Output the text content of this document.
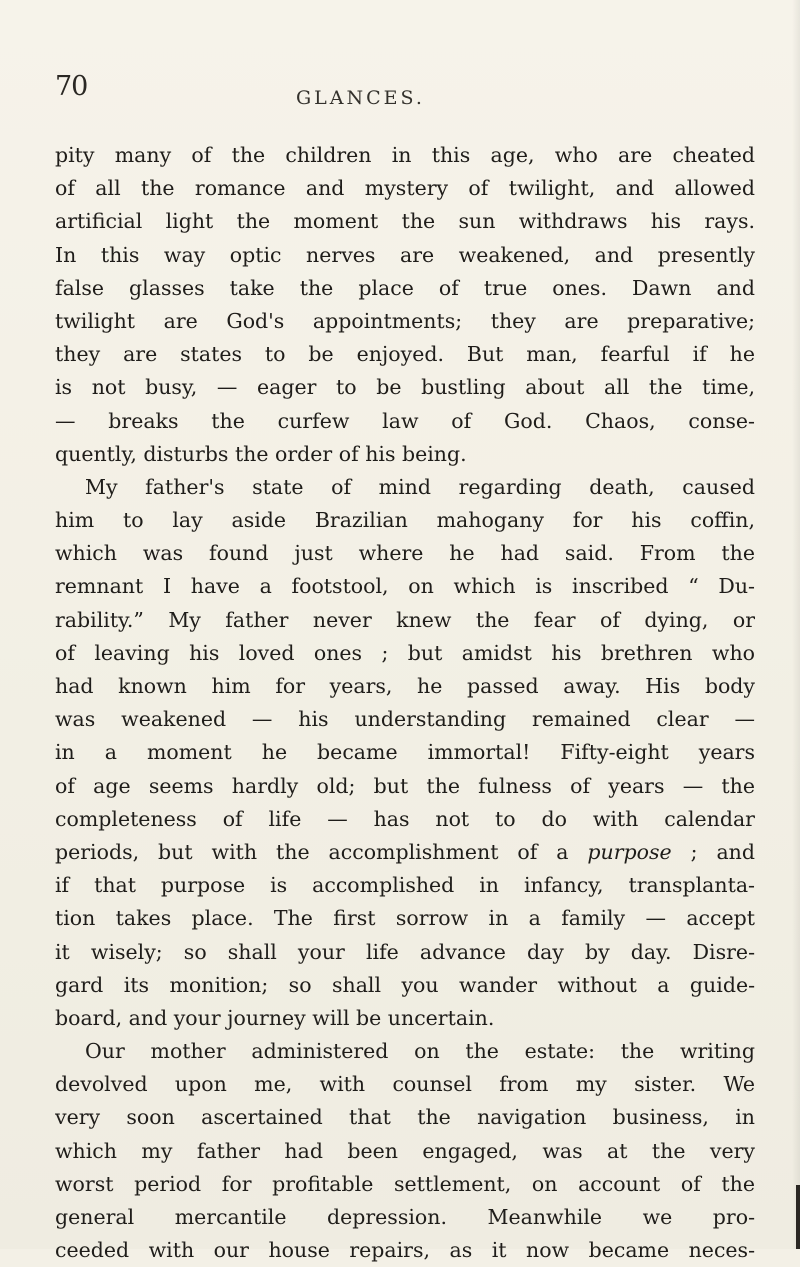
70	GLANCES.
pity many of the children in this age, who are cheated
of all the romance and mystery of twilight, and allowed
artificial light the moment the sun withdraws his rays.
In this way optic nerves are weakened, and presently
false glasses take the place of true ones. Dawn and
twilight are God's appointments; they are preparative;
they are states to be enjoyed. But man, fearful if he
is not busy, — eager to be bustling about all the time,
— breaks the curfew law of God. Chaos, conse-
quently, disturbs the order of his being.
My father's state of mind regarding death, caused
him to lay aside Brazilian mahogany for his coffin,
which was found just where he had said. From the
remnant I have a footstool, on which is inscribed “ Du-
rability.” My father never knew the fear of dying, or
of leaving his loved ones ; but amidst his brethren who
had known him for years, he passed away. His body
was weakened — his understanding remained clear —
in a moment he became immortal! Fifty-eight years
of age seems hardly old; but the fulness of years — the
completeness of life — has not to do with calendar
periods, but with the accomplishment of a purpose ; and
if that purpose is accomplished in infancy, transplanta-
tion takes place. The first sorrow in a family — accept
it wisely; so shall your life advance day by day. Disre-
gard its monition; so shall you wander without a guide-
board, and your journey will be uncertain.
Our mother administered on the estate: the writing
devolved upon me, with counsel from my sister. We
very soon ascertained that the navigation business, in
which my father had been engaged, was at the very
worst period for profitable settlement, on account of the
general mercantile depression. Meanwhile we pro-
ceeded with our house repairs, as it now became neces-
